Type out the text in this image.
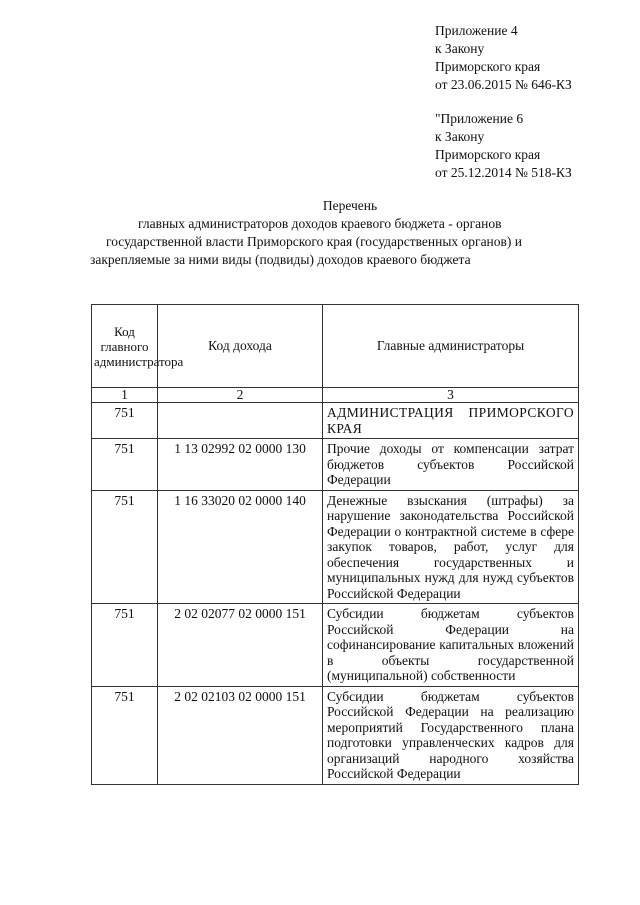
Приложение 4
к Закону
Приморского края
от 23.06.2015 № 646-КЗ
"Приложение 6
к Закону
Приморского края
от 25.12.2014 № 518-КЗ
Перечень
главных администраторов доходов краевого бюджета - органов
государственной власти Приморского края (государственных органов) и
закрепляемые за ними виды (подвиды) доходов краевого бюджета
Код главного администратора	Код дохода	Главные администраторы
1	2	3
751		АДМИНИСТРАЦИЯ ПРИМОРСКОГО КРАЯ
751	1 13 02992 02 0000 130	Прочие доходы от компенсации затрат бюджетов субъектов Российской Федерации
751	1 16 33020 02 0000 140	Денежные взыскания (штрафы) за нарушение законодательства Российской Федерации о контрактной системе в сфере закупок товаров, работ, услуг для обеспечения государственных и муниципальных нужд для нужд субъектов Российской Федерации
751	2 02 02077 02 0000 151	Субсидии бюджетам субъектов Российской Федерации на софинансирование капитальных вложений в объекты государственной (муниципальной) собственности
751	2 02 02103 02 0000 151	Субсидии бюджетам субъектов Российской Федерации на реализацию мероприятий Государственного плана подготовки управленческих кадров для организаций народного хозяйства Российской Федерации
